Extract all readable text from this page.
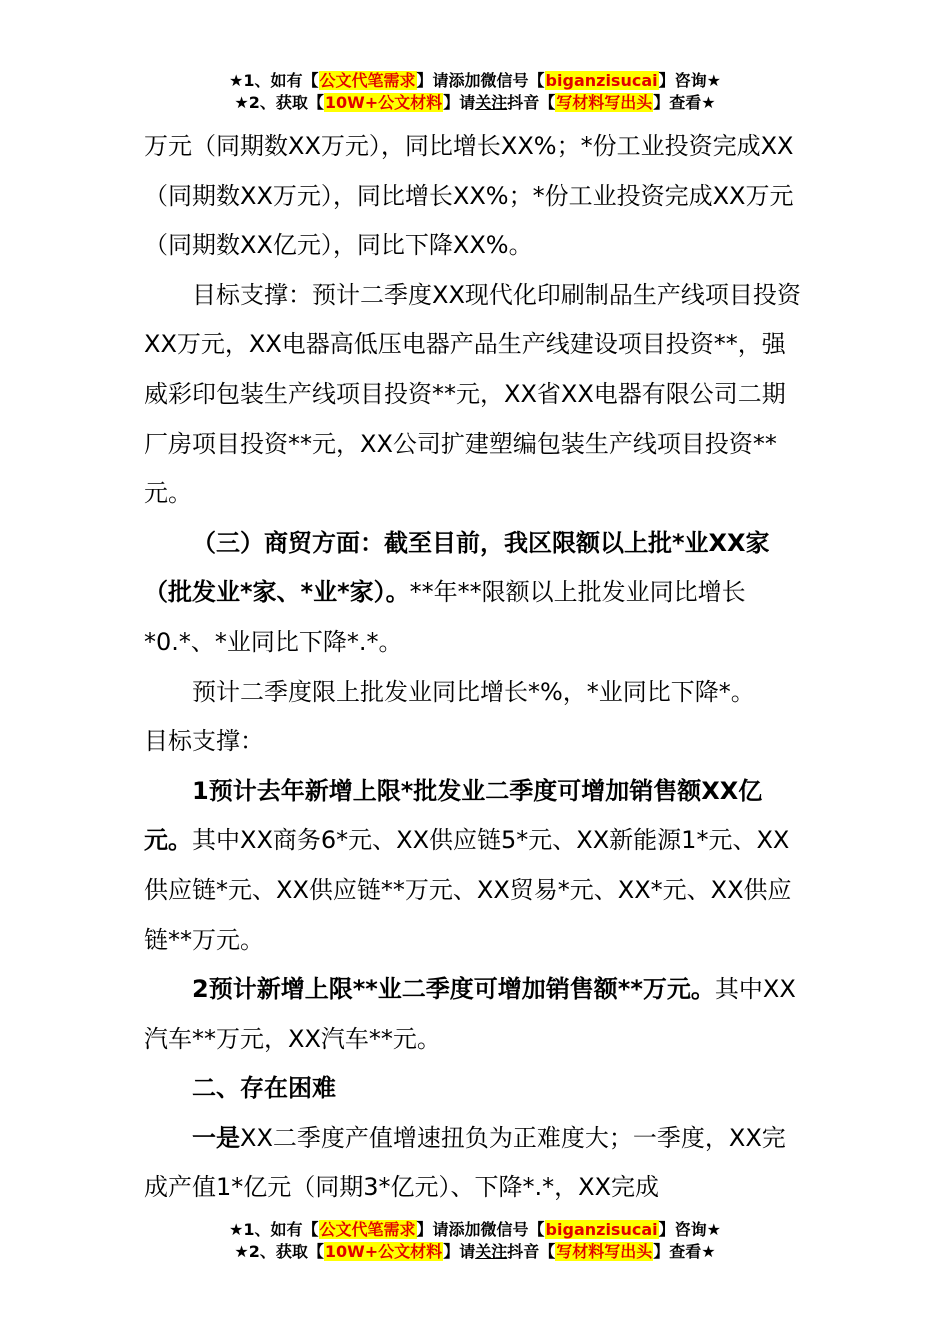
★1、如有【公文代笔需求】请添加微信号【biganzisucai】咨询★
★2、获取【10W+公文材料】请关注抖音【写材料写出头】查看★

万元（同期数XX万元），同比增长XX%；*份工业投资完成XX（同期数XX万元），同比增长XX%；*份工业投资完成XX万元（同期数XX亿元），同比下降XX%。

目标支撑：预计二季度XX现代化印刷制品生产线项目投资XX万元，XX电器高低压电器产品生产线建设项目投资**，强威彩印包装生产线项目投资**元，XX省XX电器有限公司二期厂房项目投资**元，XX公司扩建塑编包装生产线项目投资**元。

（三）商贸方面：截至目前，我区限额以上批*业XX家（批发业*家、*业*家）。**年**限额以上批发业同比增长*0.*、*业同比下降*.*。

预计二季度限上批发业同比增长*%，*业同比下降*。

目标支撑：

1预计去年新增上限*批发业二季度可增加销售额XX亿元。其中XX商务6*元、XX供应链5*元、XX新能源1*元、XX供应链*元、XX供应链**万元、XX贸易*元、XX*元、XX供应链**万元。

2预计新增上限**业二季度可增加销售额**万元。其中XX汽车**万元，XX汽车**元。

二、存在困难

一是XX二季度产值增速扭负为正难度大；一季度，XX完成产值1*亿元（同期3*亿元）、下降*.*，XX完成

★1、如有【公文代笔需求】请添加微信号【biganzisucai】咨询★
★2、获取【10W+公文材料】请关注抖音【写材料写出头】查看★
